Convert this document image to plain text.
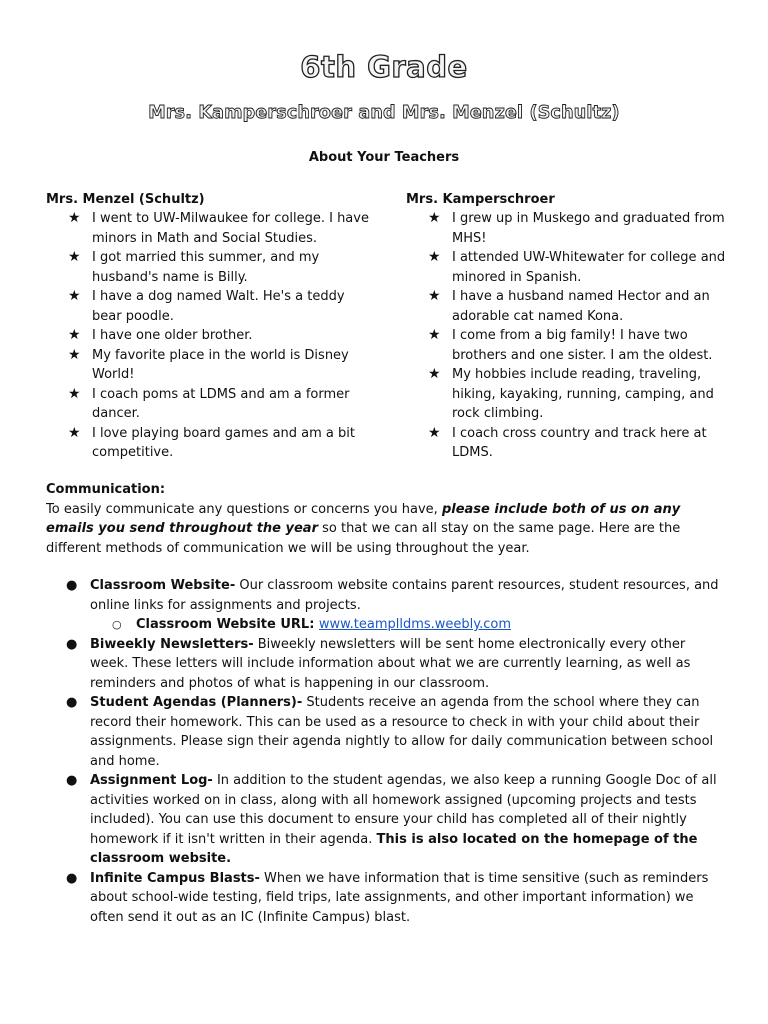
6th Grade
Mrs. Kamperschroer and Mrs. Menzel (Schultz)
About Your Teachers
Mrs. Menzel (Schultz)
★ I went to UW-Milwaukee for college. I have minors in Math and Social Studies.
★ I got married this summer, and my husband's name is Billy.
★ I have a dog named Walt. He's a teddy bear poodle.
★ I have one older brother.
★ My favorite place in the world is Disney World!
★ I coach poms at LDMS and am a former dancer.
★ I love playing board games and am a bit competitive.
Mrs. Kamperschroer
★ I grew up in Muskego and graduated from MHS!
★ I attended UW-Whitewater for college and minored in Spanish.
★ I have a husband named Hector and an adorable cat named Kona.
★ I come from a big family! I have two brothers and one sister. I am the oldest.
★ My hobbies include reading, traveling, hiking, kayaking, running, camping, and rock climbing.
★ I coach cross country and track here at LDMS.
Communication:

To easily communicate any questions or concerns you have, please include both of us on any emails you send throughout the year so that we can all stay on the same page. Here are the different methods of communication we will be using throughout the year.

● Classroom Website- Our classroom website contains parent resources, student resources, and online links for assignments and projects.
○ Classroom Website URL: www.teamplldms.weebly.com
● Biweekly Newsletters- Biweekly newsletters will be sent home electronically every other week. These letters will include information about what we are currently learning, as well as reminders and photos of what is happening in our classroom.
● Student Agendas (Planners)- Students receive an agenda from the school where they can record their homework. This can be used as a resource to check in with your child about their assignments. Please sign their agenda nightly to allow for daily communication between school and home.
● Assignment Log- In addition to the student agendas, we also keep a running Google Doc of all activities worked on in class, along with all homework assigned (upcoming projects and tests included). You can use this document to ensure your child has completed all of their nightly homework if it isn't written in their agenda. This is also located on the homepage of the classroom website.
● Infinite Campus Blasts- When we have information that is time sensitive (such as reminders about school-wide testing, field trips, late assignments, and other important information) we often send it out as an IC (Infinite Campus) blast.
